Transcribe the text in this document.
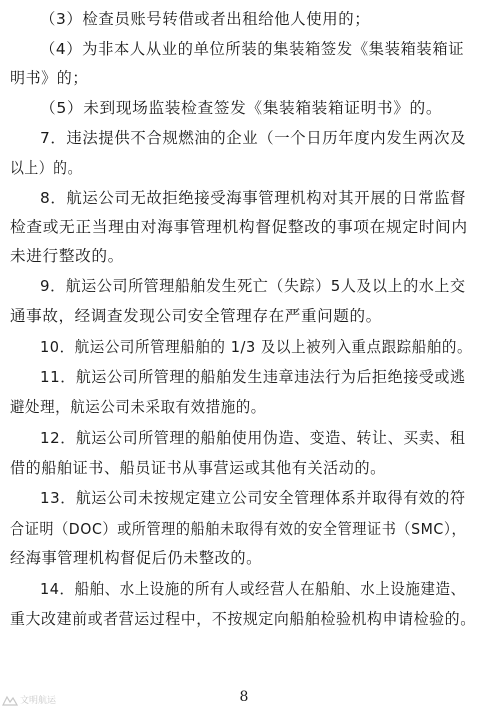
（3）检查员账号转借或者出租给他人使用的；
（4）为非本人从业的单位所装的集装箱签发《集装箱装箱证
明书》的；
（5）未到现场监装检查签发《集装箱装箱证明书》的。
7．违法提供不合规燃油的企业（一个日历年度内发生两次及
以上）的。
8．航运公司无故拒绝接受海事管理机构对其开展的日常监督
检查或无正当理由对海事管理机构督促整改的事项在规定时间内
未进行整改的。
9．航运公司所管理船舶发生死亡（失踪）5人及以上的水上交
通事故，经调查发现公司安全管理存在严重问题的。
10．航运公司所管理船舶的 1/3 及以上被列入重点跟踪船舶的。
11．航运公司所管理的船舶发生违章违法行为后拒绝接受或逃
避处理，航运公司未采取有效措施的。
12．航运公司所管理的船舶使用伪造、变造、转让、买卖、租
借的船舶证书、船员证书从事营运或其他有关活动的。
13．航运公司未按规定建立公司安全管理体系并取得有效的符
合证明（DOC）或所管理的船舶未取得有效的安全管理证书（SMC），
经海事管理机构督促后仍未整改的。
14．船舶、水上设施的所有人或经营人在船舶、水上设施建造、
重大改建前或者营运过程中，不按规定向船舶检验机构申请检验的。
8
文明航运
